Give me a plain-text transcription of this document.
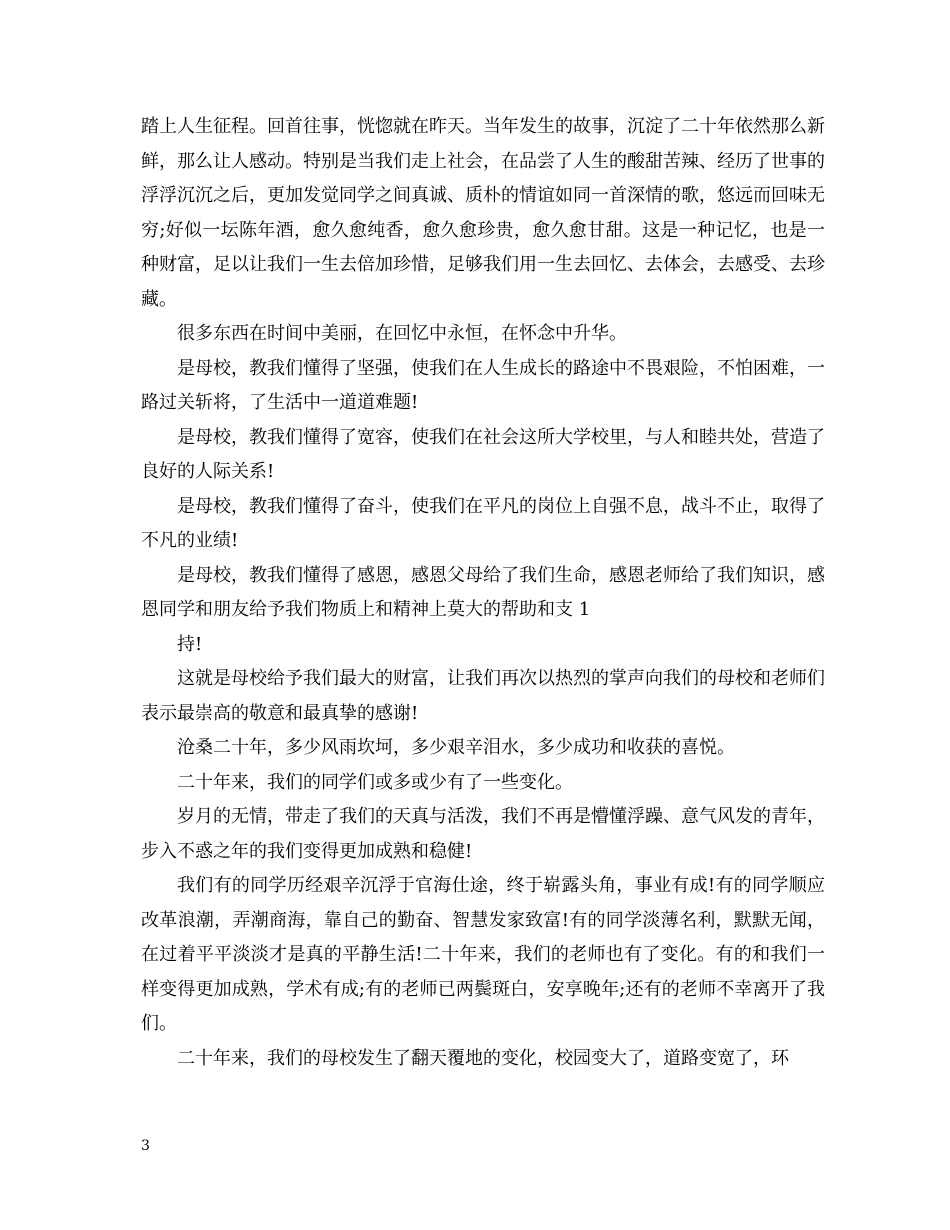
踏上人生征程。回首往事，恍惚就在昨天。当年发生的故事，沉淀了二十年依然那么新鲜，那么让人感动。特别是当我们走上社会，在品尝了人生的酸甜苦辣、经历了世事的浮浮沉沉之后，更加发觉同学之间真诚、质朴的情谊如同一首深情的歌，悠远而回味无穷;好似一坛陈年酒，愈久愈纯香，愈久愈珍贵，愈久愈甘甜。这是一种记忆，也是一种财富，足以让我们一生去倍加珍惜，足够我们用一生去回忆、去体会，去感受、去珍藏。

很多东西在时间中美丽，在回忆中永恒，在怀念中升华。

是母校，教我们懂得了坚强，使我们在人生成长的路途中不畏艰险，不怕困难，一路过关斩将，了生活中一道道难题!

是母校，教我们懂得了宽容，使我们在社会这所大学校里，与人和睦共处，营造了良好的人际关系!

是母校，教我们懂得了奋斗，使我们在平凡的岗位上自强不息，战斗不止，取得了不凡的业绩!

是母校，教我们懂得了感恩，感恩父母给了我们生命，感恩老师给了我们知识，感恩同学和朋友给予我们物质上和精神上莫大的帮助和支 1

持!

这就是母校给予我们最大的财富，让我们再次以热烈的掌声向我们的母校和老师们表示最崇高的敬意和最真挚的感谢!

沧桑二十年，多少风雨坎坷，多少艰辛泪水，多少成功和收获的喜悦。

二十年来，我们的同学们或多或少有了一些变化。

岁月的无情，带走了我们的天真与活泼，我们不再是懵懂浮躁、意气风发的青年，步入不惑之年的我们变得更加成熟和稳健!

我们有的同学历经艰辛沉浮于官海仕途，终于崭露头角，事业有成!有的同学顺应改革浪潮，弄潮商海，靠自己的勤奋、智慧发家致富!有的同学淡薄名利，默默无闻，在过着平平淡淡才是真的平静生活!二十年来，我们的老师也有了变化。有的和我们一样变得更加成熟，学术有成;有的老师已两鬓斑白，安享晚年;还有的老师不幸离开了我们。

二十年来，我们的母校发生了翻天覆地的变化，校园变大了，道路变宽了，环

3
